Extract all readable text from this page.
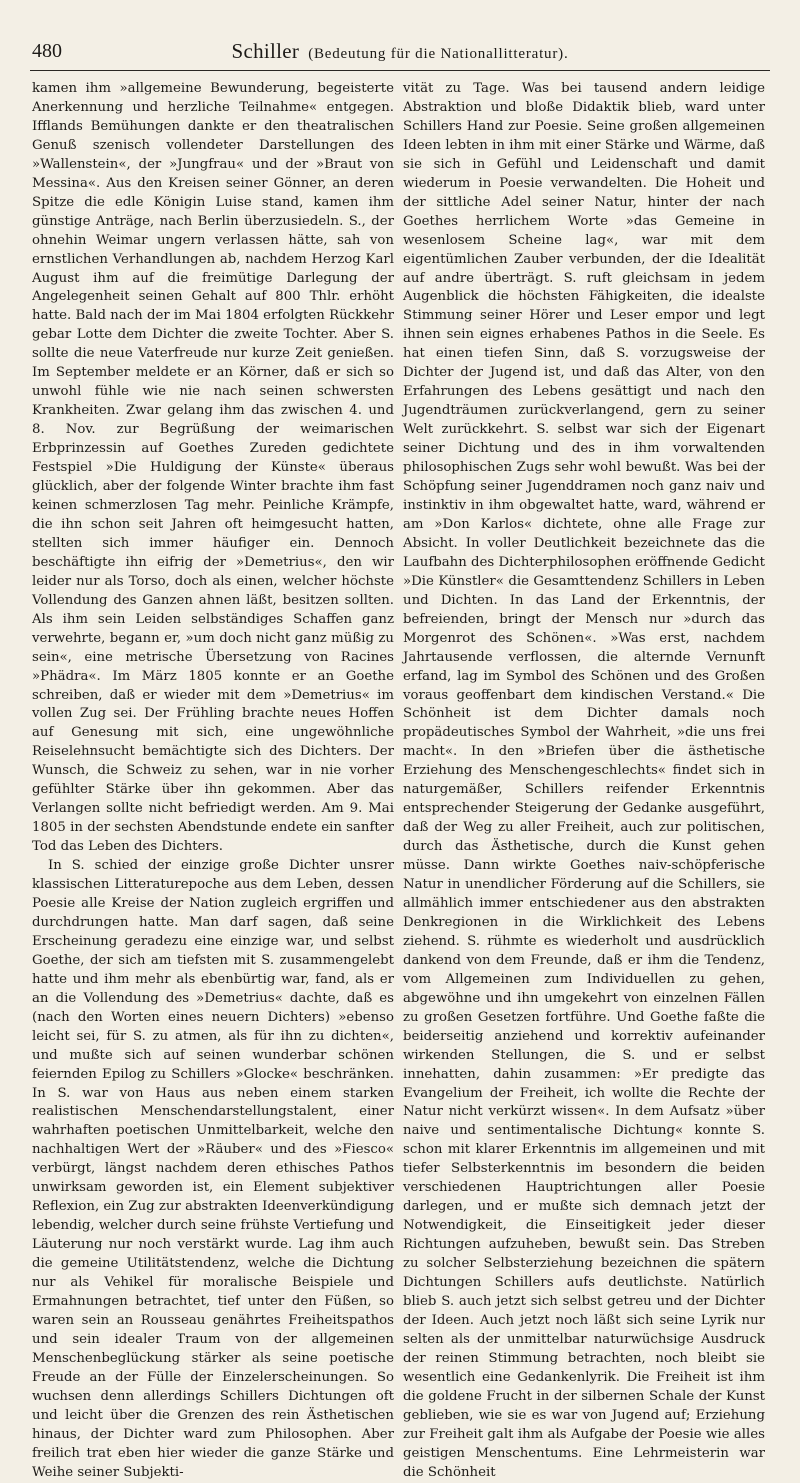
480	Schiller (Bedeutung für die Nationallitteratur).

kamen ihm »allgemeine Bewunderung, begeisterte Anerkennung und herzliche Teilnahme« entgegen. Ifflands Bemühungen dankte er den theatralischen Genuß szenisch vollendeter Darstellungen des »Wallenstein«, der »Jungfrau« und der »Braut von Messina«. Aus den Kreisen seiner Gönner, an deren Spitze die edle Königin Luise stand, kamen ihm günstige Anträge, nach Berlin überzusiedeln. S., der ohnehin Weimar ungern verlassen hätte, sah von ernstlichen Verhandlungen ab, nachdem Herzog Karl August ihm auf die freimütige Darlegung der Angelegenheit seinen Gehalt auf 800 Thlr. erhöht hatte. Bald nach der im Mai 1804 erfolgten Rückkehr gebar Lotte dem Dichter die zweite Tochter. Aber S. sollte die neue Vaterfreude nur kurze Zeit genießen. Im September meldete er an Körner, daß er sich so unwohl fühle wie nie nach seinen schwersten Krankheiten. Zwar gelang ihm das zwischen 4. und 8. Nov. zur Begrüßung der weimarischen Erbprinzessin auf Goethes Zureden gedichtete Festspiel »Die Huldigung der Künste« überaus glücklich, aber der folgende Winter brachte ihm fast keinen schmerzlosen Tag mehr. Peinliche Krämpfe, die ihn schon seit Jahren oft heimgesucht hatten, stellten sich immer häufiger ein. Dennoch beschäftigte ihn eifrig der »Demetrius«, den wir leider nur als Torso, doch als einen, welcher höchste Vollendung des Ganzen ahnen läßt, besitzen sollten. Als ihm sein Leiden selbständiges Schaffen ganz verwehrte, begann er, »um doch nicht ganz müßig zu sein«, eine metrische Übersetzung von Racines »Phädra«. Im März 1805 konnte er an Goethe schreiben, daß er wieder mit dem »Demetrius« im vollen Zug sei. Der Frühling brachte neues Hoffen auf Genesung mit sich, eine ungewöhnliche Reiselehnsucht bemächtigte sich des Dichters. Der Wunsch, die Schweiz zu sehen, war in nie vorher gefühlter Stärke über ihn gekommen. Aber das Verlangen sollte nicht befriedigt werden. Am 9. Mai 1805 in der sechsten Abendstunde endete ein sanfter Tod das Leben des Dichters.

In S. schied der einzige große Dichter unsrer klassischen Litteraturepoche aus dem Leben, dessen Poesie alle Kreise der Nation zugleich ergriffen und durchdrungen hatte. Man darf sagen, daß seine Erscheinung geradezu eine einzige war, und selbst Goethe, der sich am tiefsten mit S. zusammengelebt hatte und ihm mehr als ebenbürtig war, fand, als er an die Vollendung des »Demetrius« dachte, daß es (nach den Worten eines neuern Dichters) »ebenso leicht sei, für S. zu atmen, als für ihn zu dichten«, und mußte sich auf seinen wunderbar schönen feiernden Epilog zu Schillers »Glocke« beschränken. In S. war von Haus aus neben einem starken realistischen Menschendarstellungstalent, einer wahrhaften poetischen Unmittelbarkeit, welche den nachhaltigen Wert der »Räuber« und des »Fiesco« verbürgt, längst nachdem deren ethisches Pathos unwirksam geworden ist, ein Element subjektiver Reflexion, ein Zug zur abstrakten Ideenverkündigung lebendig, welcher durch seine frühste Vertiefung und Läuterung nur noch verstärkt wurde. Lag ihm auch die gemeine Utilitätstendenz, welche die Dichtung nur als Vehikel für moralische Beispiele und Ermahnungen betrachtet, tief unter den Füßen, so waren sein an Rousseau genährtes Freiheitspathos und sein idealer Traum von der allgemeinen Menschenbeglückung stärker als seine poetische Freude an der Fülle der Einzelerscheinungen. So wuchsen denn allerdings Schillers Dichtungen oft und leicht über die Grenzen des rein Ästhetischen hinaus, der Dichter ward zum Philosophen. Aber freilich trat eben hier wieder die ganze Stärke und Weihe seiner Subjekti-

vität zu Tage. Was bei tausend andern leidige Abstraktion und bloße Didaktik blieb, ward unter Schillers Hand zur Poesie. Seine großen allgemeinen Ideen lebten in ihm mit einer Stärke und Wärme, daß sie sich in Gefühl und Leidenschaft und damit wiederum in Poesie verwandelten. Die Hoheit und der sittliche Adel seiner Natur, hinter der nach Goethes herrlichem Worte »das Gemeine in wesenlosem Scheine lag«, war mit dem eigentümlichen Zauber verbunden, der die Idealität auf andre überträgt. S. ruft gleichsam in jedem Augenblick die höchsten Fähigkeiten, die idealste Stimmung seiner Hörer und Leser empor und legt ihnen sein eignes erhabenes Pathos in die Seele. Es hat einen tiefen Sinn, daß S. vorzugsweise der Dichter der Jugend ist, und daß das Alter, von den Erfahrungen des Lebens gesättigt und nach den Jugendträumen zurückverlangend, gern zu seiner Welt zurückkehrt. S. selbst war sich der Eigenart seiner Dichtung und des in ihm vorwaltenden philosophischen Zugs sehr wohl bewußt. Was bei der Schöpfung seiner Jugenddramen noch ganz naiv und instinktiv in ihm obgewaltet hatte, ward, während er am »Don Karlos« dichtete, ohne alle Frage zur Absicht. In voller Deutlichkeit bezeichnete das die Laufbahn des Dichterphilosophen eröffnende Gedicht »Die Künstler« die Gesamttendenz Schillers in Leben und Dichten. In das Land der Erkenntnis, der befreienden, bringt der Mensch nur »durch das Morgenrot des Schönen«. »Was erst, nachdem Jahrtausende verflossen, die alternde Vernunft erfand, lag im Symbol des Schönen und des Großen voraus geoffenbart dem kindischen Verstand.« Die Schönheit ist dem Dichter damals noch propädeutisches Symbol der Wahrheit, »die uns frei macht«. In den »Briefen über die ästhetische Erziehung des Menschengeschlechts« findet sich in naturgemäßer, Schillers reifender Erkenntnis entsprechender Steigerung der Gedanke ausgeführt, daß der Weg zu aller Freiheit, auch zur politischen, durch das Ästhetische, durch die Kunst gehen müsse. Dann wirkte Goethes naiv-schöpferische Natur in unendlicher Förderung auf die Schillers, sie allmählich immer entschiedener aus den abstrakten Denkregionen in die Wirklichkeit des Lebens ziehend. S. rühmte es wiederholt und ausdrücklich dankend von dem Freunde, daß er ihm die Tendenz, vom Allgemeinen zum Individuellen zu gehen, abgewöhne und ihn umgekehrt von einzelnen Fällen zu großen Gesetzen fortführe. Und Goethe faßte die beiderseitig anziehend und korrektiv aufeinander wirkenden Stellungen, die S. und er selbst innehatten, dahin zusammen: »Er predigte das Evangelium der Freiheit, ich wollte die Rechte der Natur nicht verkürzt wissen«. In dem Aufsatz »über naive und sentimentalische Dichtung« konnte S. schon mit klarer Erkenntnis im allgemeinen und mit tiefer Selbsterkenntnis im besondern die beiden verschiedenen Hauptrichtungen aller Poesie darlegen, und er mußte sich demnach jetzt der Notwendigkeit, die Einseitigkeit jeder dieser Richtungen aufzuheben, bewußt sein. Das Streben zu solcher Selbsterziehung bezeichnen die spätern Dichtungen Schillers aufs deutlichste. Natürlich blieb S. auch jetzt sich selbst getreu und der Dichter der Ideen. Auch jetzt noch läßt sich seine Lyrik nur selten als der unmittelbar naturwüchsige Ausdruck der reinen Stimmung betrachten, noch bleibt sie wesentlich eine Gedankenlyrik. Die Freiheit ist ihm die goldene Frucht in der silbernen Schale der Kunst geblieben, wie sie es war von Jugend auf; Erziehung zur Freiheit galt ihm als Aufgabe der Poesie wie alles geistigen Menschentums. Eine Lehrmeisterin war die Schönheit
